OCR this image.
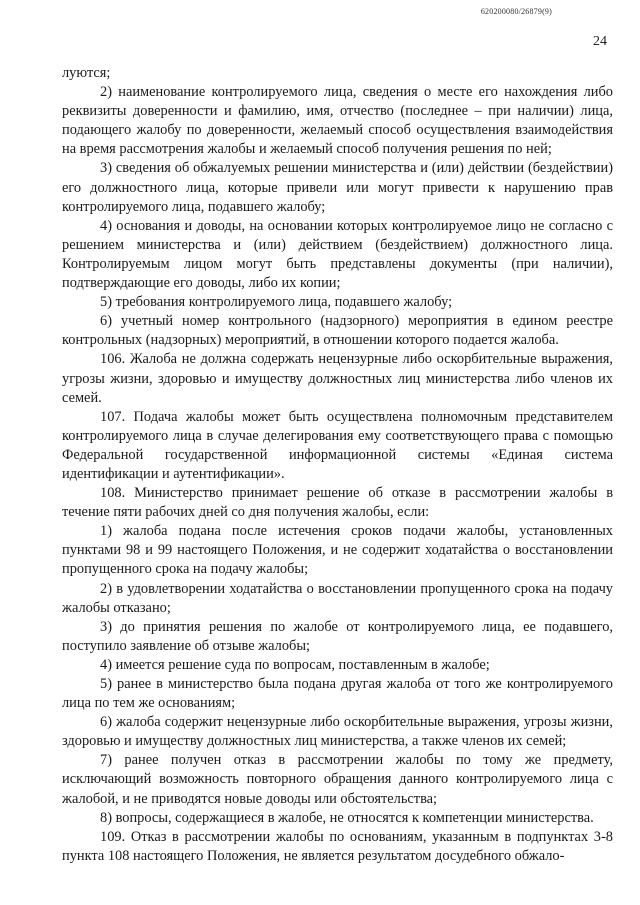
620200080/26879(9)
24

луются;

2) наименование контролируемого лица, сведения о месте его нахождения либо реквизиты доверенности и фамилию, имя, отчество (последнее – при наличии) лица, подающего жалобу по доверенности, желаемый способ осуществления взаимодействия на время рассмотрения жалобы и желаемый способ получения решения по ней;

3) сведения об обжалуемых решении министерства и (или) действии (бездействии) его должностного лица, которые привели или могут привести к нарушению прав контролируемого лица, подавшего жалобу;

4) основания и доводы, на основании которых контролируемое лицо не согласно с решением министерства и (или) действием (бездействием) должностного лица. Контролируемым лицом могут быть представлены документы (при наличии), подтверждающие его доводы, либо их копии;

5) требования контролируемого лица, подавшего жалобу;

6) учетный номер контрольного (надзорного) мероприятия в едином реестре контрольных (надзорных) мероприятий, в отношении которого подается жалоба.

106. Жалоба не должна содержать нецензурные либо оскорбительные выражения, угрозы жизни, здоровью и имуществу должностных лиц министерства либо членов их семей.

107. Подача жалобы может быть осуществлена полномочным представителем контролируемого лица в случае делегирования ему соответствующего права с помощью Федеральной государственной информационной системы «Единая система идентификации и аутентификации».

108. Министерство принимает решение об отказе в рассмотрении жалобы в течение пяти рабочих дней со дня получения жалобы, если:

1) жалоба подана после истечения сроков подачи жалобы, установленных пунктами 98 и 99 настоящего Положения, и не содержит ходатайства о восстановлении пропущенного срока на подачу жалобы;

2) в удовлетворении ходатайства о восстановлении пропущенного срока на подачу жалобы отказано;

3) до принятия решения по жалобе от контролируемого лица, ее подавшего, поступило заявление об отзыве жалобы;

4) имеется решение суда по вопросам, поставленным в жалобе;

5) ранее в министерство была подана другая жалоба от того же контролируемого лица по тем же основаниям;

6) жалоба содержит нецензурные либо оскорбительные выражения, угрозы жизни, здоровью и имуществу должностных лиц министерства, а также членов их семей;

7) ранее получен отказ в рассмотрении жалобы по тому же предмету, исключающий возможность повторного обращения данного контролируемого лица с жалобой, и не приводятся новые доводы или обстоятельства;

8) вопросы, содержащиеся в жалобе, не относятся к компетенции министерства.

109. Отказ в рассмотрении жалобы по основаниям, указанным в подпунктах 3-8 пункта 108 настоящего Положения, не является результатом досудебного обжало-
